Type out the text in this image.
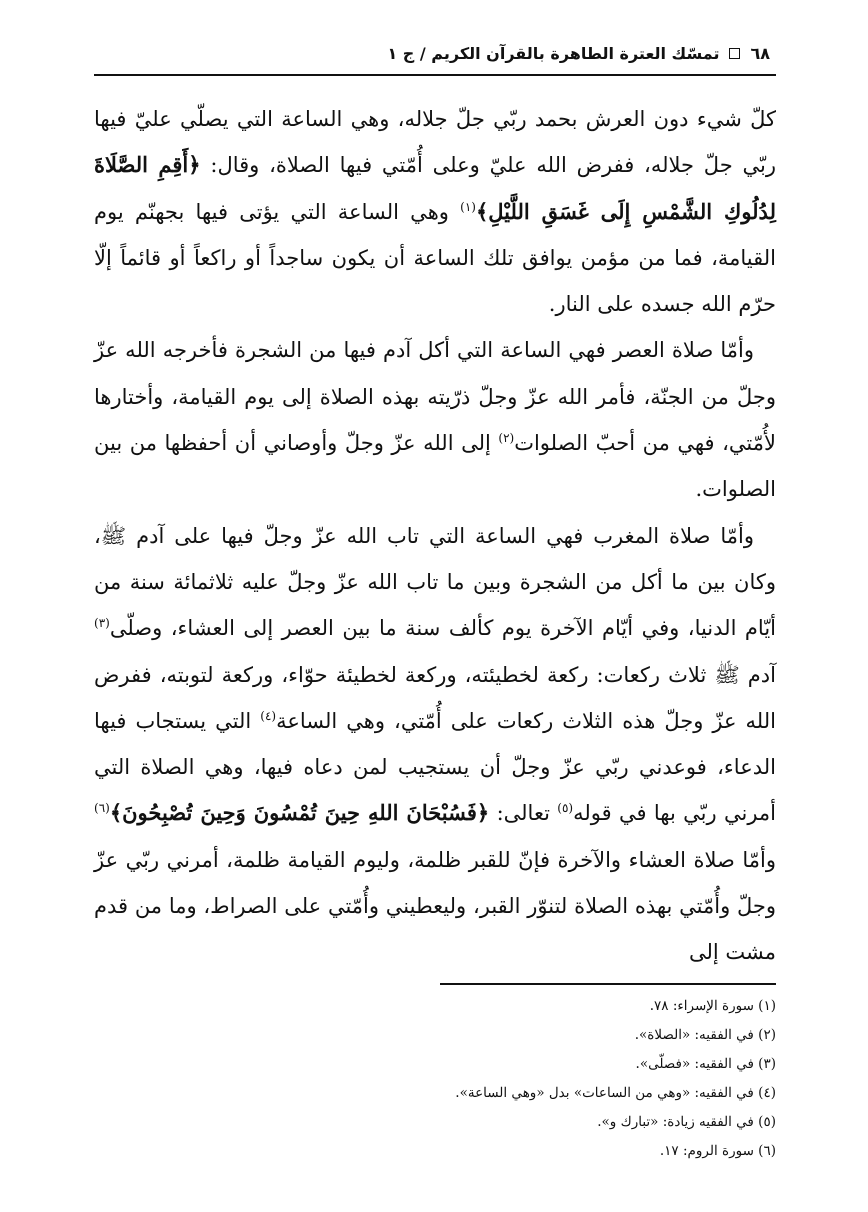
٦٨
تمسّك العترة الطاهرة بالقرآن الكريم / ج ١

كلّ شيء دون العرش بحمد ربّي جلّ جلاله، وهي الساعة التي يصلّي عليّ فيها ربّي جلّ جلاله، ففرض الله عليّ وعلى أُمّتي فيها الصلاة، وقال: ﴿أَقِمِ الصَّلَاةَ لِدُلُوكِ الشَّمْسِ إِلَى غَسَقِ اللَّيْلِ﴾$^{(١)}$ وهي الساعة التي يؤتى فيها بجهنّم يوم القيامة، فما من مؤمن يوافق تلك الساعة أن يكون ساجداً أو راكعاً أو قائماً إلّا حرّم الله جسده على النار.

وأمّا صلاة العصر فهي الساعة التي أكل آدم فيها من الشجرة فأخرجه الله عزّ وجلّ من الجنّة، فأمر الله عزّ وجلّ ذرّيته بهذه الصلاة إلى يوم القيامة، وأختارها لأُمّتي، فهي من أحبّ الصلوات$^{(٢)}$ إلى الله عزّ وجلّ وأوصاني أن أحفظها من بين الصلوات.

وأمّا صلاة المغرب فهي الساعة التي تاب الله عزّ وجلّ فيها على آدم ﷺ، وكان بين ما أكل من الشجرة وبين ما تاب الله عزّ وجلّ عليه ثلاثمائة سنة من أيّام الدنيا، وفي أيّام الآخرة يوم كألف سنة ما بين العصر إلى العشاء، وصلّى$^{(٣)}$ آدم ﷺ ثلاث ركعات: ركعة لخطيئته، وركعة لخطيئة حوّاء، وركعة لتوبته، ففرض الله عزّ وجلّ هذه الثلاث ركعات على أُمّتي، وهي الساعة$^{(٤)}$ التي يستجاب فيها الدعاء، فوعدني ربّي عزّ وجلّ أن يستجيب لمن دعاه فيها، وهي الصلاة التي أمرني ربّي بها في قوله$^{(٥)}$ تعالى: ﴿فَسُبْحَانَ اللهِ حِينَ تُمْسُونَ وَحِينَ تُصْبِحُونَ﴾$^{(٦)}$ وأمّا صلاة العشاء والآخرة فإنّ للقبر ظلمة، وليوم القيامة ظلمة، أمرني ربّي عزّ وجلّ وأُمّتي بهذه الصلاة لتنوّر القبر، وليعطيني وأُمّتي على الصراط، وما من قدم مشت إلى

(١) سورة الإسراء: ٧٨.
(٢) في الفقيه: «الصلاة».
(٣) في الفقيه: «فصلّى».
(٤) في الفقيه: «وهي من الساعات» بدل «وهي الساعة».
(٥) في الفقيه زيادة: «تبارك و».
(٦) سورة الروم: ١٧.
